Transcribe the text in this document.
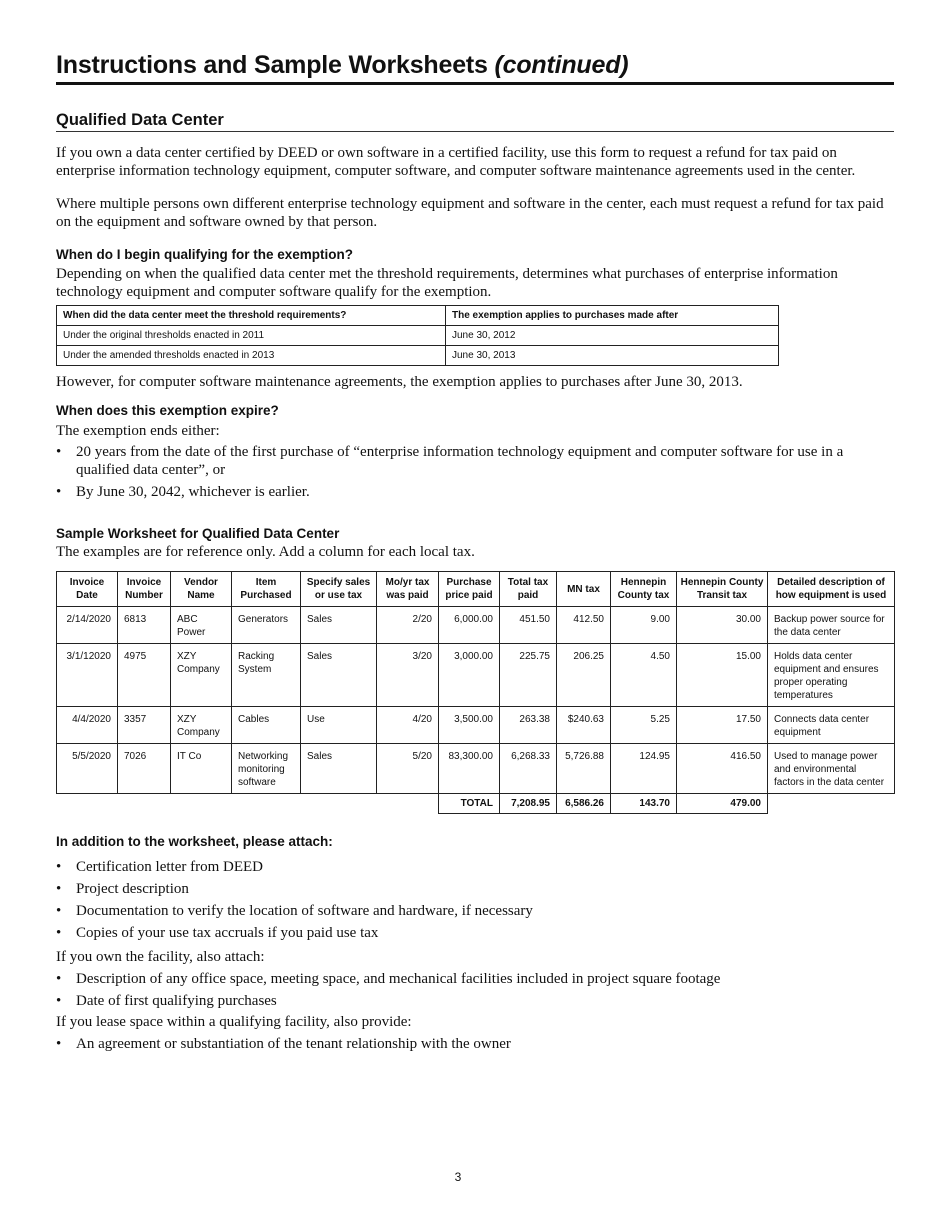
Instructions and Sample Worksheets (continued)
Qualified Data Center

If you own a data center certified by DEED or own software in a certified facility, use this form to request a refund for tax paid on enterprise information technology equipment, computer software, and computer software maintenance agreements used in the center.

Where multiple persons own different enterprise technology equipment and software in the center, each must request a refund for tax paid on the equipment and software owned by that person.

When do I begin qualifying for the exemption?

Depending on when the qualified data center met the threshold requirements, determines what purchases of enterprise information technology equipment and computer software qualify for the exemption.

When did the data center meet the threshold requirements?	The exemption applies to purchases made after
Under the original thresholds enacted in 2011	June 30, 2012
Under the amended thresholds enacted in 2013	June 30, 2013

However, for computer software maintenance agreements, the exemption applies to purchases after June 30, 2013.

When does this exemption expire?

The exemption ends either:

• 20 years from the date of the first purchase of “enterprise information technology equipment and computer software for use in a qualified data center”, or
• By June 30, 2042, whichever is earlier.
Sample Worksheet for Qualified Data Center

The examples are for reference only. Add a column for each local tax.

Invoice Date	Invoice Number	Vendor Name	Item Purchased	Specify sales or use tax	Mo/yr tax was paid	Purchase price paid	Total tax paid	MN tax	Hennepin County tax	Hennepin County Transit tax	Detailed description of how equipment is used
2/14/2020	6813	ABC Power	Generators	Sales	2/20	6,000.00	451.50	412.50	9.00	30.00	Backup power source for the data center
3/1/12020	4975	XZY Company	Racking System	Sales	3/20	3,000.00	225.75	206.25	4.50	15.00	Holds data center equipment and ensures proper operating temperatures
4/4/2020	3357	XZY Company	Cables	Use	4/20	3,500.00	263.38	$240.63	5.25	17.50	Connects data center equipment
5/5/2020	7026	IT Co	Networking monitoring software	Sales	5/20	83,300.00	6,268.33	5,726.88	124.95	416.50	Used to manage power and environmental factors in the data center
						TOTAL	7,208.95	6,586.26	143.70	479.00	
In addition to the worksheet, please attach:
• Certification letter from DEED
• Project description
• Documentation to verify the location of software and hardware, if necessary
• Copies of your use tax accruals if you paid use tax

If you own the facility, also attach:

• Description of any office space, meeting space, and mechanical facilities included in project square footage
• Date of first qualifying purchases

If you lease space within a qualifying facility, also provide:

• An agreement or substantiation of the tenant relationship with the owner
3
